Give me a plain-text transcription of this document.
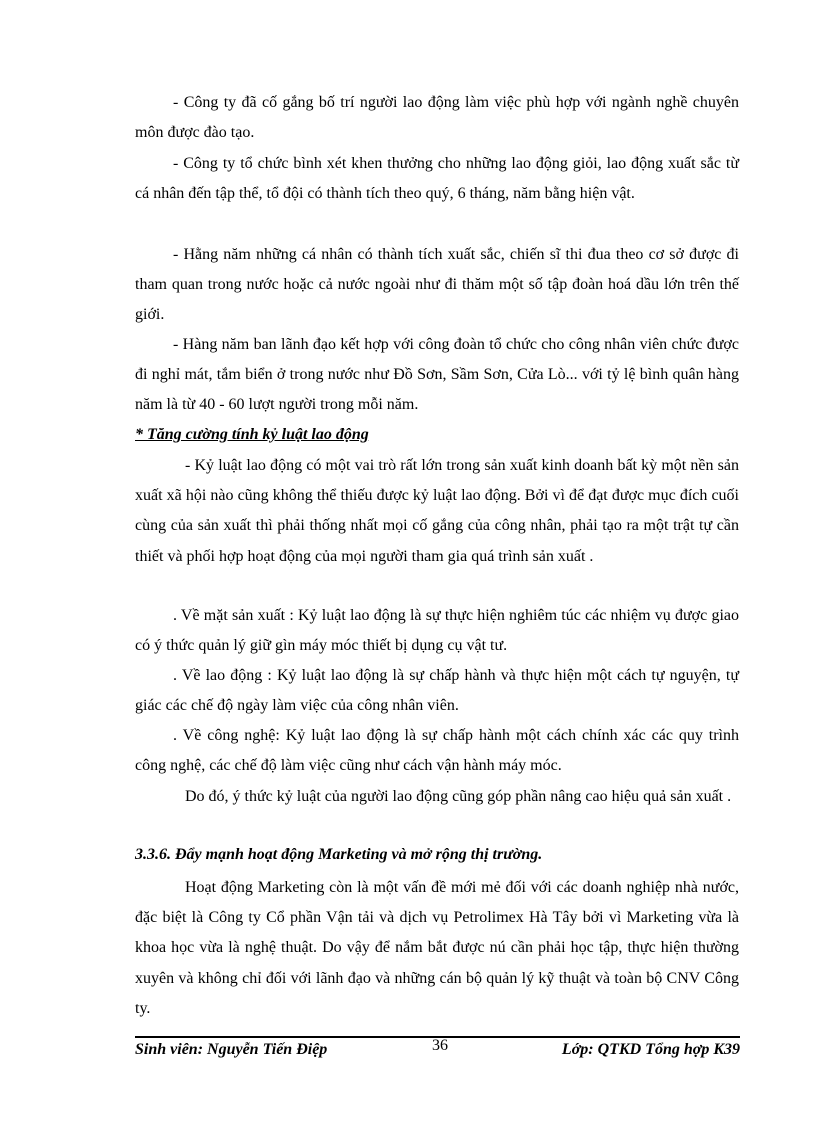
- Công ty đã cố gắng bố trí người lao động làm việc phù hợp với ngành nghề chuyên môn được đào tạo.

- Công ty tổ chức bình xét khen thưởng cho những lao động giỏi, lao động xuất sắc từ cá nhân đến tập thể, tổ đội có thành tích theo quý, 6 tháng, năm bằng hiện vật.

- Hằng năm những cá nhân có thành tích xuất sắc, chiến sĩ thi đua theo cơ sở được đi tham quan trong nước hoặc cả nước ngoài như đi thăm một số tập đoàn hoá dầu lớn trên thế giới.

- Hàng năm ban lãnh đạo kết hợp với công đoàn tổ chức cho công nhân viên chức được đi nghỉ mát, tắm biển ở trong nước như Đồ Sơn, Sầm Sơn, Cửa Lò... với tỷ lệ bình quân hàng năm là từ 40 - 60 lượt người trong mỗi năm.

* Tăng cường tính kỷ luật lao động

- Kỷ luật lao động có một vai trò rất lớn trong sản xuất kinh doanh bất kỳ một nền sản xuất xã hội nào cũng không thể thiếu được kỷ luật lao động. Bởi vì để đạt được mục đích cuối cùng của sản xuất thì phải thống nhất mọi cố gắng của công nhân, phải tạo ra một trật tự cần thiết và phối hợp hoạt động của mọi người tham gia quá trình sản xuất .

. Về mặt sản xuất : Kỷ luật lao động là sự thực hiện nghiêm túc các nhiệm vụ được giao có ý thức quản lý giữ gìn máy móc thiết bị dụng cụ vật tư.

. Về lao động : Kỷ luật lao động là sự chấp hành và thực hiện một cách tự nguyện, tự giác các chế độ ngày làm việc của công nhân viên.

. Về công nghệ: Kỷ luật lao động là sự chấp hành một cách chính xác các quy trình công nghệ, các chế độ làm việc cũng như cách vận hành máy móc.

Do đó, ý thức kỷ luật của người lao động cũng góp phần nâng cao hiệu quả sản xuất .

3.3.6. Đẩy mạnh hoạt động Marketing và mở rộng thị trường.

Hoạt động Marketing còn là một vấn đề mới mẻ đối với các doanh nghiệp nhà nước, đặc biệt là Công ty Cổ phần Vận tải và dịch vụ Petrolimex Hà Tây bởi vì Marketing vừa là khoa học vừa là nghệ thuật. Do vậy để nắm bắt được nú cần phải học tập, thực hiện thường xuyên và không chỉ đối với lãnh đạo và những cán bộ quản lý kỹ thuật và toàn bộ CNV Công ty.

Sinh viên: Nguyễn Tiến Điệp	36	Lớp: QTKD Tổng hợp K39
